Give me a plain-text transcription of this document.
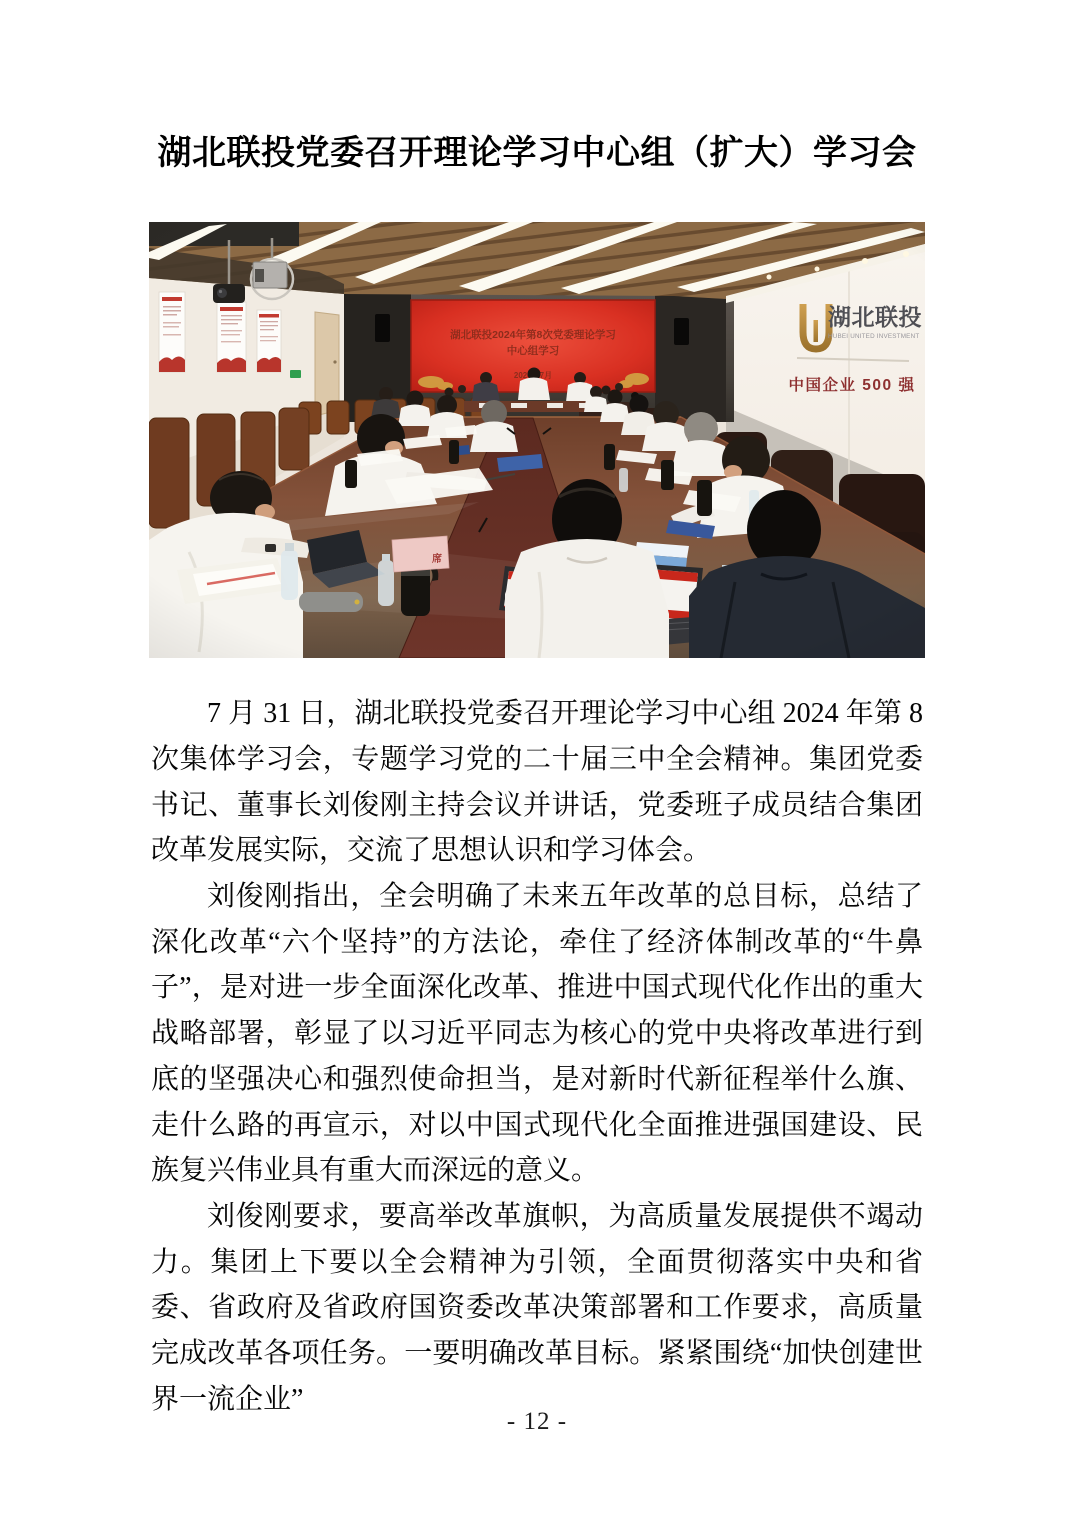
湖北联投党委召开理论学习中心组（扩大）学习会

7 月 31 日，湖北联投党委召开理论学习中心组 2024 年第 8 次集体学习会，专题学习党的二十届三中全会精神。集团党委书记、董事长刘俊刚主持会议并讲话，党委班子成员结合集团改革发展实际，交流了思想认识和学习体会。

刘俊刚指出，全会明确了未来五年改革的总目标，总结了深化改革“六个坚持”的方法论，牵住了经济体制改革的“牛鼻子”，是对进一步全面深化改革、推进中国式现代化作出的重大战略部署，彰显了以习近平同志为核心的党中央将改革进行到底的坚强决心和强烈使命担当，是对新时代新征程举什么旗、走什么路的再宣示，对以中国式现代化全面推进强国建设、民族复兴伟业具有重大而深远的意义。

刘俊刚要求，要高举改革旗帜，为高质量发展提供不竭动力。集团上下要以全会精神为引领，全面贯彻落实中央和省委、省政府及省政府国资委改革决策部署和工作要求，高质量完成改革各项任务。一要明确改革目标。紧紧围绕“加快创建世界一流企业”

- 12 -
